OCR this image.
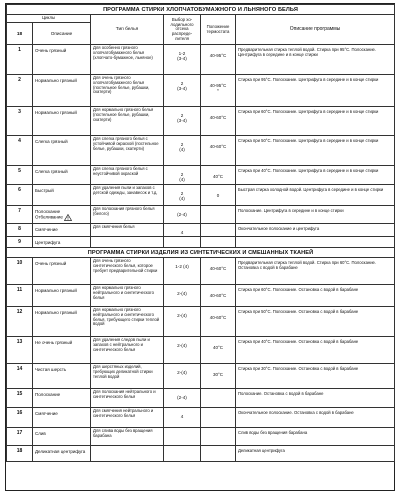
ПРОГРАММА СТИРКИ ХЛОПЧАТОБУМАЖНОГО И ЛЬНЯНОГО БЕЛЬЯ					
Циклы		Тип белья	Выбор хо-лодильного отсека распреде-лителя	Положение термостата	Описание программы
18	Описание				
1	Очень грязный	Для особенно грязного хлопчатобумажного белья (хлопчато-бумажное, льняное)	1-2
(3-4)	40-95°С	Предварительная стирка теплой водой. Стирка при 95°С. Полоскание. Центрифуга в середине и в конце стирки
2	Нормально грязный	Для очень грязного хлопчатобумажного белья (постельное белье, рубашки, скатерти)	2
(3-4)	40-95°С
*	Стирка при 95°С. Полоскание. Центрифуга в середине и в конце стирки
3	Нормально грязный	Для нормально грязного белья (постельное белье, рубашки, скатерти)	2
(3-4)	40-60°С	Стирка при 60°С. Полоскание. Центрифуга в середине и в конце стирки
4	Слегка грязный	Для слегка грязного белья с устойчивой окраской (постельное белье, рубашки, скатерти)	2
(4)	40-60°С	Стирка при 50°С. Полоскание. Центрифуга в середине и в конце стирки
5	Слегка грязный	Для слегка грязного белья с неустойчивой окраской	2
(4)	40°С	Стирка при 40°С. Полоскание. Центрифуга в середине и в конце стирки
6	Быстрый	Для удаления пыли и запахов с детской одежды, занавесок и т.д.	2
(4)	0	Быстрая стирка холодной водой. Центрифуга в середине и в конце стирки
7	Полоскание Отбеливание	Для полоскания грязного белья (белого)	(2-4)		Полоскание. Центрифуга в середине и в конце стирки
8	Смягчение	Для смягчения белья	4		Окончательное полоскание и центрифуга
9	Центрифуга				
ПРОГРАММА СТИРКИ ИЗДЕЛИЯ ИЗ СИНТЕТИЧЕСКИХ И СМЕШАННЫХ ТКАНЕЙ					
10	Очень грязный	Для очень грязного синтетического белья, которое требует предварительной стирки	1-2 (4)	40-60°С	Предварительная стирка теплой водой. Стирка при 60°С. Полоскание. Остановка с водой в барабане
11	Нормально грязный	Для нормально грязного нейтрального и синтетического белья	2-(4)	40-60°С	Стирка при 60°С. Полоскание. Остановка с водой в барабане
12	Нормально грязный	Для нормально грязного нейтрального и синтетического белья, требующего стирки теплой водой	2-(4)	40-60°С	Стирка при 50°С. Полоскание. Остановка с водой в барабане
13	Не очень грязный	Для удаления следов пыли и запахов с нейтрального и синтетического белья	2-(4)	40°С	Стирка при 40°С. Полоскание. Остановка с водой в барабане
14	Чистая шерсть	Для шерстяных изделий, требующих деликатной стирки теплой водой	2-(4)	30°С	Стирка при 30°С. Полоскание. Остановка с водой в барабане
15	Полоскание	Для полоскания нейтрального и синтетического белья	(2-4)		Полоскание. Остановка с водой в барабане
16	Смягчение	Для смягчения нейтрального и синтетического белья	4		Окончательное полоскание. Остановка с водой в барабане
17	Слив	Для слива воды без вращения барабана			Слив воды без вращения барабана
18	Деликатная центрифуга				Деликатная центрифуга
